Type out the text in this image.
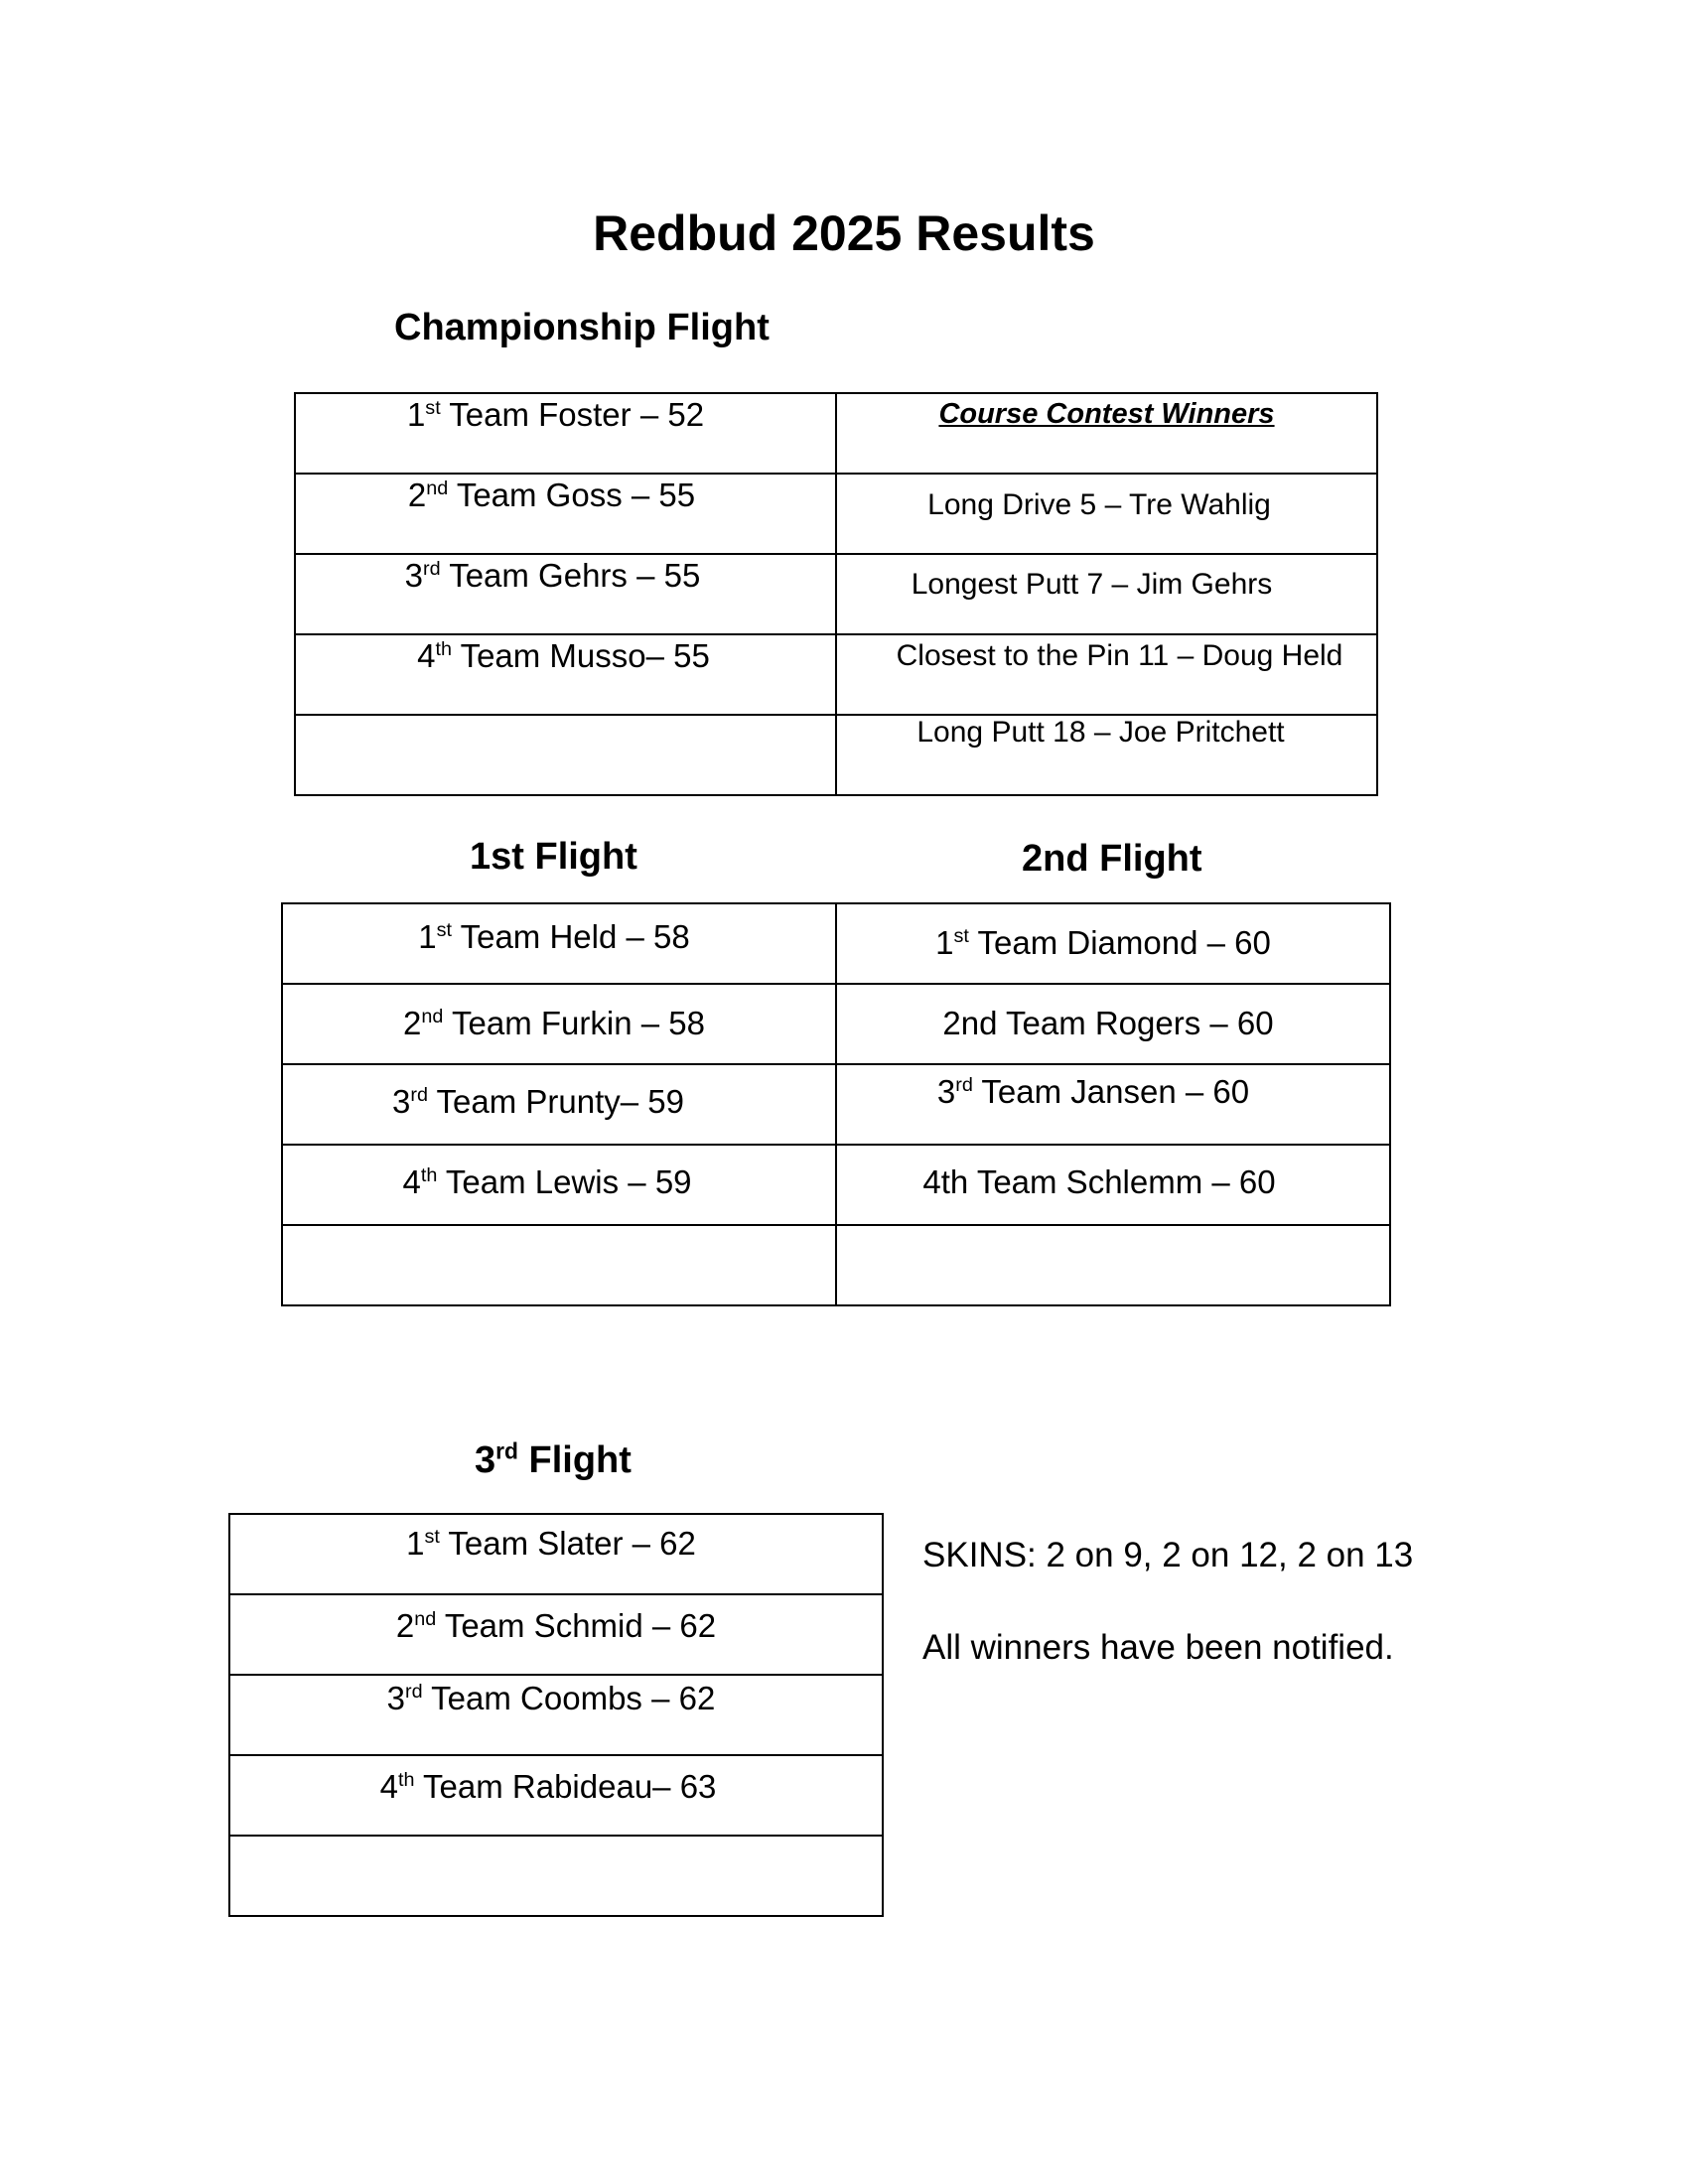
Redbud 2025 Results
Championship Flight
1st Team Foster – 52	Course Contest Winners

2nd Team Goss – 55	Long Drive 5 – Tre Wahlig

3rd Team Gehrs – 55	Longest Putt 7 – Jim Gehrs

4th Team Musso– 55	Closest to the Pin 11 – Doug Held

	Long Putt 18 – Joe Pritchett
1st Flight	2nd Flight
1st Team Held – 58	1st Team Diamond – 60

2nd Team Furkin – 58	2nd Team Rogers – 60

3rd Team Prunty– 59	3rd Team Jansen – 60

4th Team Lewis – 59	4th Team Schlemm – 60

3rd Flight
1st Team Slater – 62

2nd Team Schmid – 62

3rd Team Coombs – 62

4th Team Rabideau– 63

SKINS: 2 on 9, 2 on 12, 2 on 13
All winners have been notified.
